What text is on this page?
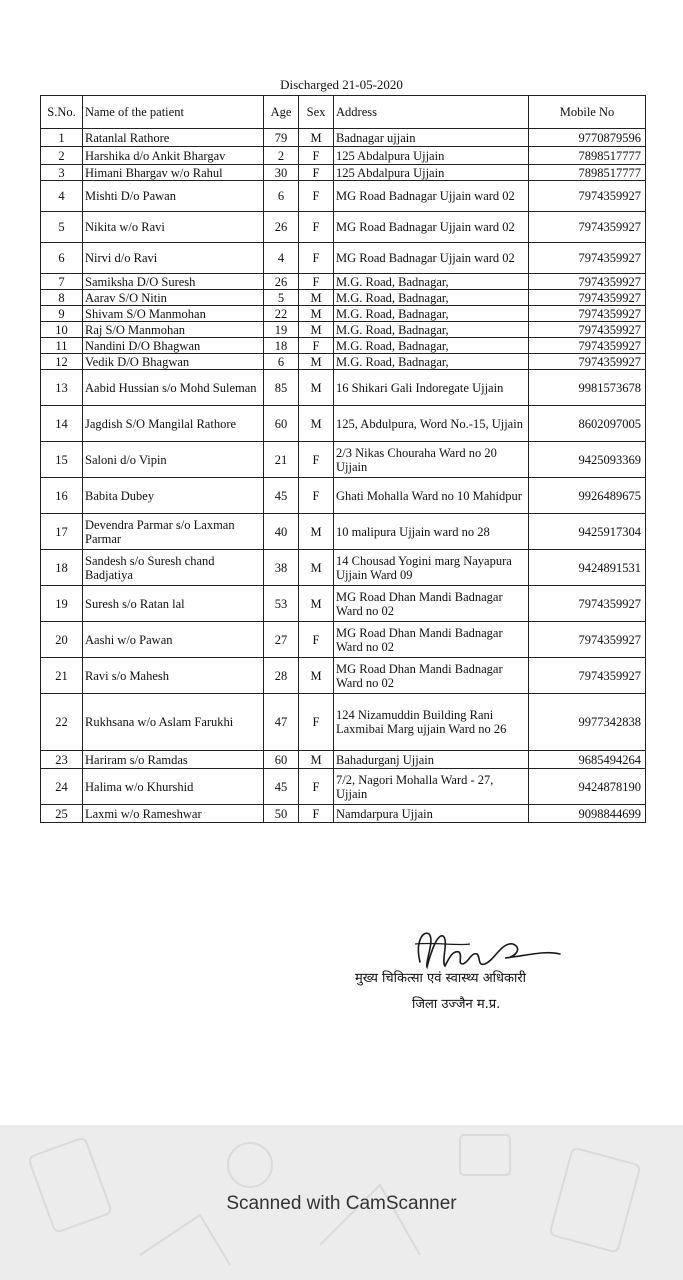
Discharged 21-05-2020
S.No.	Name of the patient	Age	Sex	Address	Mobile No
1	Ratanlal Rathore	79	M	Badnagar ujjain	9770879596
2	Harshika d/o Ankit Bhargav	2	F	125 Abdalpura Ujjain	7898517777
3	Himani Bhargav w/o Rahul	30	F	125 Abdalpura Ujjain	7898517777
4	Mishti D/o Pawan	6	F	MG Road Badnagar Ujjain ward 02	7974359927
5	Nikita w/o Ravi	26	F	MG Road Badnagar Ujjain ward 02	7974359927
6	Nirvi d/o Ravi	4	F	MG Road Badnagar Ujjain ward 02	7974359927
7	Samiksha D/O Suresh	26	F	M.G. Road, Badnagar,	7974359927
8	Aarav S/O Nitin	5	M	M.G. Road, Badnagar,	7974359927
9	Shivam S/O Manmohan	22	M	M.G. Road, Badnagar,	7974359927
10	Raj S/O Manmohan	19	M	M.G. Road, Badnagar,	7974359927
11	Nandini D/O Bhagwan	18	F	M.G. Road, Badnagar,	7974359927
12	Vedik D/O Bhagwan	6	M	M.G. Road, Badnagar,	7974359927
13	Aabid Hussian s/o Mohd Suleman	85	M	16 Shikari Gali Indoregate Ujjain	9981573678
14	Jagdish S/O Mangilal Rathore	60	M	125, Abdulpura, Word No.-15, Ujjain	8602097005
15	Saloni d/o Vipin	21	F	2/3 Nikas Chouraha Ward no 20 Ujjain	9425093369
16	Babita Dubey	45	F	Ghati Mohalla Ward no 10 Mahidpur	9926489675
17	Devendra Parmar s/o Laxman Parmar	40	M	10 malipura Ujjain ward no 28	9425917304
18	Sandesh s/o Suresh chand Badjatiya	38	M	14 Chousad Yogini marg Nayapura Ujjain Ward 09	9424891531
19	Suresh s/o Ratan lal	53	M	MG Road Dhan Mandi Badnagar Ward no 02	7974359927
20	Aashi w/o Pawan	27	F	MG Road Dhan Mandi Badnagar Ward no 02	7974359927
21	Ravi s/o Mahesh	28	M	MG Road Dhan Mandi Badnagar Ward no 02	7974359927
22	Rukhsana w/o Aslam Farukhi	47	F	124 Nizamuddin Building Rani Laxmibai Marg ujjain Ward no 26	9977342838
23	Hariram s/o Ramdas	60	M	Bahadurganj Ujjain	9685494264
24	Halima w/o Khurshid	45	F	7/2, Nagori Mohalla Ward - 27, Ujjain	9424878190
25	Laxmi w/o Rameshwar	50	F	Namdarpura Ujjain	9098844699
मुख्य चिकित्सा एवं स्वास्थ्य अधिकारी
जिला उज्जैन म.प्र.
Scanned with CamScanner
